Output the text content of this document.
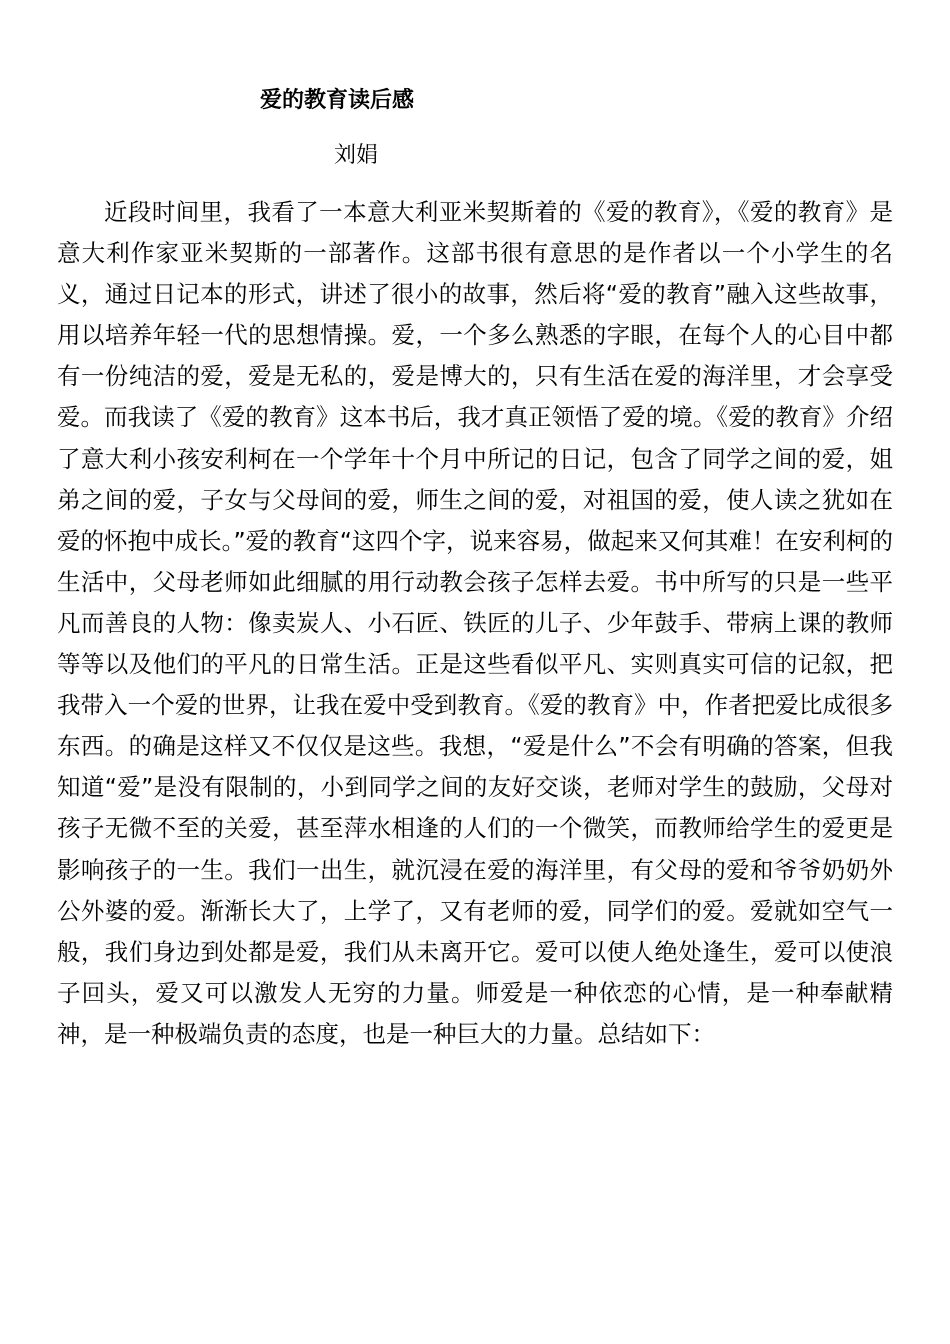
爱的教育读后感
刘娟

近段时间里，我看了一本意大利亚米契斯着的《爱的教育》，《爱的教育》是意大利作家亚米契斯的一部著作。这部书很有意思的是作者以一个小学生的名义，通过日记本的形式，讲述了很小的故事，然后将“爱的教育”融入这些故事，用以培养年轻一代的思想情操。爱，一个多么熟悉的字眼，在每个人的心目中都有一份纯洁的爱，爱是无私的，爱是博大的，只有生活在爱的海洋里，才会享受爱。而我读了《爱的教育》这本书后，我才真正领悟了爱的境。《爱的教育》介绍了意大利小孩安利柯在一个学年十个月中所记的日记，包含了同学之间的爱，姐弟之间的爱，子女与父母间的爱，师生之间的爱，对祖国的爱，使人读之犹如在爱的怀抱中成长。”爱的教育“这四个字，说来容易，做起来又何其难！在安利柯的生活中，父母老师如此细腻的用行动教会孩子怎样去爱。书中所写的只是一些平凡而善良的人物：像卖炭人、小石匠、铁匠的儿子、少年鼓手、带病上课的教师等等以及他们的平凡的日常生活。正是这些看似平凡、实则真实可信的记叙，把我带入一个爱的世界，让我在爱中受到教育。《爱的教育》中，作者把爱比成很多东西。的确是这样又不仅仅是这些。我想，“爱是什么”不会有明确的答案，但我知道“爱”是没有限制的，小到同学之间的友好交谈，老师对学生的鼓励，父母对孩子无微不至的关爱，甚至萍水相逢的人们的一个微笑，而教师给学生的爱更是影响孩子的一生。我们一出生，就沉浸在爱的海洋里，有父母的爱和爷爷奶奶外公外婆的爱。渐渐长大了，上学了，又有老师的爱，同学们的爱。爱就如空气一般，我们身边到处都是爱，我们从未离开它。爱可以使人绝处逢生，爱可以使浪子回头，爱又可以激发人无穷的力量。师爱是一种依恋的心情，是一种奉献精神，是一种极端负责的态度，也是一种巨大的力量。总结如下：
